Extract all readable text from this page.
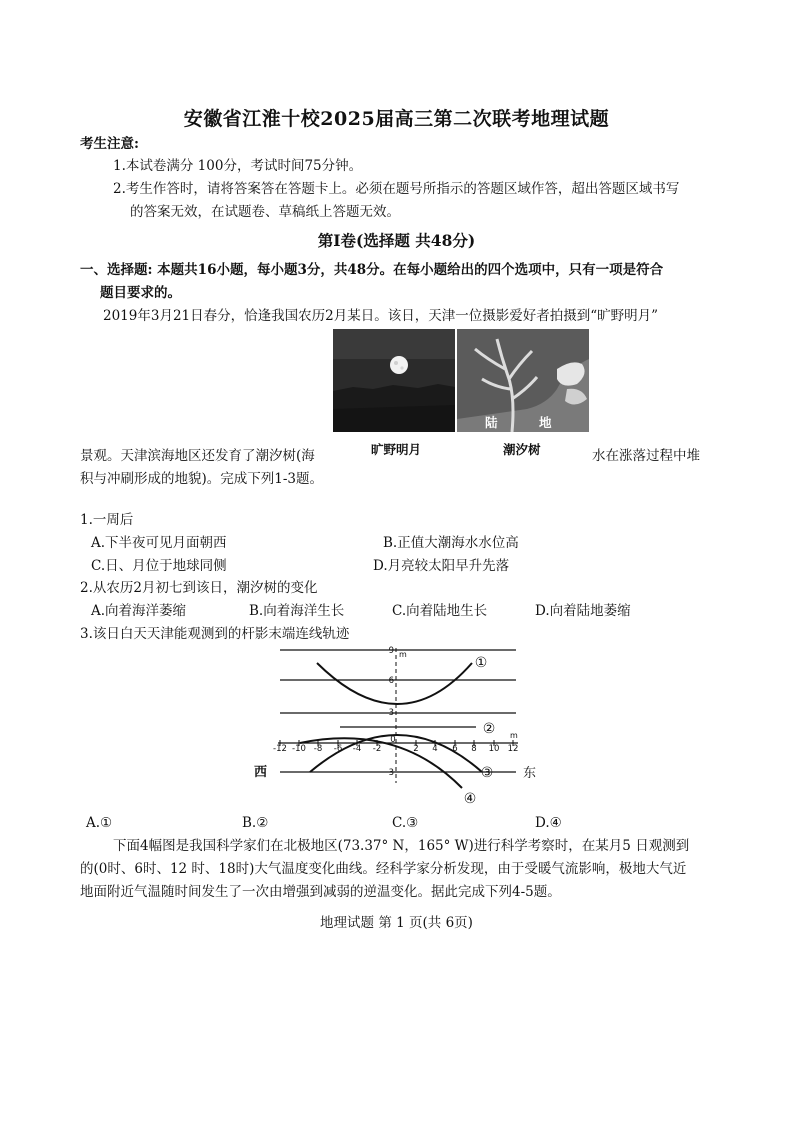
安徽省江淮十校2025届高三第二次联考地理试题
考生注意:
1.本试卷满分 100分，考试时间75分钟。
2.考生作答时，请将答案答在答题卡上。必须在题号所指示的答题区域作答，超出答题区域书写
的答案无效，在试题卷、草稿纸上答题无效。
第Ⅰ卷(选择题 共48分)
一、选择题: 本题共16小题，每小题3分，共48分。在每小题给出的四个选项中，只有一项是符合
题目要求的。
2019年3月21日春分，恰逢我国农历2月某日。该日，天津一位摄影爱好者拍摄到“旷野明月”
陆	地
旷野明月	潮汐树
景观。天津滨海地区还发育了潮汐树(海	水在涨落过程中堆
积与冲刷形成的地貌)。完成下列1-3题。
1.一周后
A.下半夜可见月面朝西	B.正值大潮海水水位高
C.日、月位于地球同侧	D.月亮较太阳早升先落
2.从农历2月初七到该日，潮汐树的变化
A.向着海洋萎缩	B.向着海洋生长	C.向着陆地生长	D.向着陆地萎缩
3.该日白天天津能观测到的杆影末端连线轨迹
-12 -10 -8 -6 -4 -2
0
2 4 6 8 10 12
9
6
3
3
m
m
①
②
③
④
西	东
A.①	B.②	C.③	D.④
下面4幅图是我国科学家们在北极地区(73.37° N，165° W)进行科学考察时，在某月5 日观测到
的(0时、6时、12 时、18时)大气温度变化曲线。经科学家分析发现，由于受暖气流影响，极地大气近
地面附近气温随时间发生了一次由增强到减弱的逆温变化。据此完成下列4-5题。
地理试题 第 1 页(共 6页)
